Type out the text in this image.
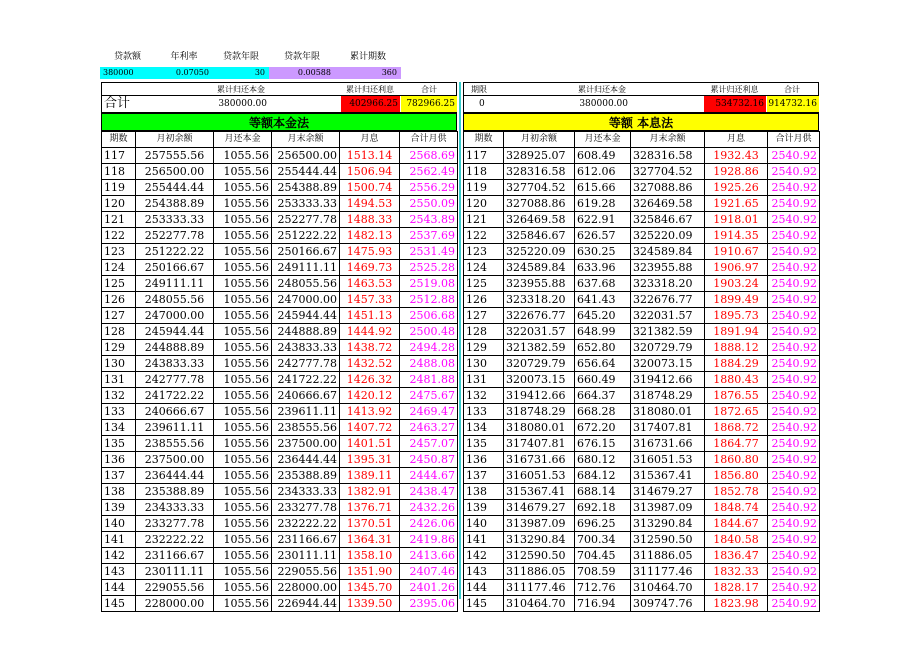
贷款额	年利率	贷款年限	贷款年限	累计期数
380000	0.07050	30	0.00588	360
累计归还本金	累计归还利息	合计	期限	累计归还本金	累计归还利息	合计
合计	380000.00	402966.25 782966.25	0	380000.00	534732.16 914732.16
等额本金法	等额 本息法
期数	月初余额	月还本金	月末余额	月息	合计月供
117	257555.56	1055.56	256500.00	1513.14	2568.69
118	256500.00	1055.56	255444.44	1506.94	2562.49
119	255444.44	1055.56	254388.89	1500.74	2556.29
120	254388.89	1055.56	253333.33	1494.53	2550.09
121	253333.33	1055.56	252277.78	1488.33	2543.89
122	252277.78	1055.56	251222.22	1482.13	2537.69
123	251222.22	1055.56	250166.67	1475.93	2531.49
124	250166.67	1055.56	249111.11	1469.73	2525.28
125	249111.11	1055.56	248055.56	1463.53	2519.08
126	248055.56	1055.56	247000.00	1457.33	2512.88
127	247000.00	1055.56	245944.44	1451.13	2506.68
128	245944.44	1055.56	244888.89	1444.92	2500.48
129	244888.89	1055.56	243833.33	1438.72	2494.28
130	243833.33	1055.56	242777.78	1432.52	2488.08
131	242777.78	1055.56	241722.22	1426.32	2481.88
132	241722.22	1055.56	240666.67	1420.12	2475.67
133	240666.67	1055.56	239611.11	1413.92	2469.47
134	239611.11	1055.56	238555.56	1407.72	2463.27
135	238555.56	1055.56	237500.00	1401.51	2457.07
136	237500.00	1055.56	236444.44	1395.31	2450.87
137	236444.44	1055.56	235388.89	1389.11	2444.67
138	235388.89	1055.56	234333.33	1382.91	2438.47
139	234333.33	1055.56	233277.78	1376.71	2432.26
140	233277.78	1055.56	232222.22	1370.51	2426.06
141	232222.22	1055.56	231166.67	1364.31	2419.86
142	231166.67	1055.56	230111.11	1358.10	2413.66
143	230111.11	1055.56	229055.56	1351.90	2407.46
144	229055.56	1055.56	228000.00	1345.70	2401.26
145	228000.00	1055.56	226944.44	1339.50	2395.06
期数	月初余额	月还本金	月末余额	月息	合计月供
117	328925.07	608.49	328316.58	1932.43	2540.92
118	328316.58	612.06	327704.52	1928.86	2540.92
119	327704.52	615.66	327088.86	1925.26	2540.92
120	327088.86	619.28	326469.58	1921.65	2540.92
121	326469.58	622.91	325846.67	1918.01	2540.92
122	325846.67	626.57	325220.09	1914.35	2540.92
123	325220.09	630.25	324589.84	1910.67	2540.92
124	324589.84	633.96	323955.88	1906.97	2540.92
125	323955.88	637.68	323318.20	1903.24	2540.92
126	323318.20	641.43	322676.77	1899.49	2540.92
127	322676.77	645.20	322031.57	1895.73	2540.92
128	322031.57	648.99	321382.59	1891.94	2540.92
129	321382.59	652.80	320729.79	1888.12	2540.92
130	320729.79	656.64	320073.15	1884.29	2540.92
131	320073.15	660.49	319412.66	1880.43	2540.92
132	319412.66	664.37	318748.29	1876.55	2540.92
133	318748.29	668.28	318080.01	1872.65	2540.92
134	318080.01	672.20	317407.81	1868.72	2540.92
135	317407.81	676.15	316731.66	1864.77	2540.92
136	316731.66	680.12	316051.53	1860.80	2540.92
137	316051.53	684.12	315367.41	1856.80	2540.92
138	315367.41	688.14	314679.27	1852.78	2540.92
139	314679.27	692.18	313987.09	1848.74	2540.92
140	313987.09	696.25	313290.84	1844.67	2540.92
141	313290.84	700.34	312590.50	1840.58	2540.92
142	312590.50	704.45	311886.05	1836.47	2540.92
143	311886.05	708.59	311177.46	1832.33	2540.92
144	311177.46	712.76	310464.70	1828.17	2540.92
145	310464.70	716.94	309747.76	1823.98	2540.92
